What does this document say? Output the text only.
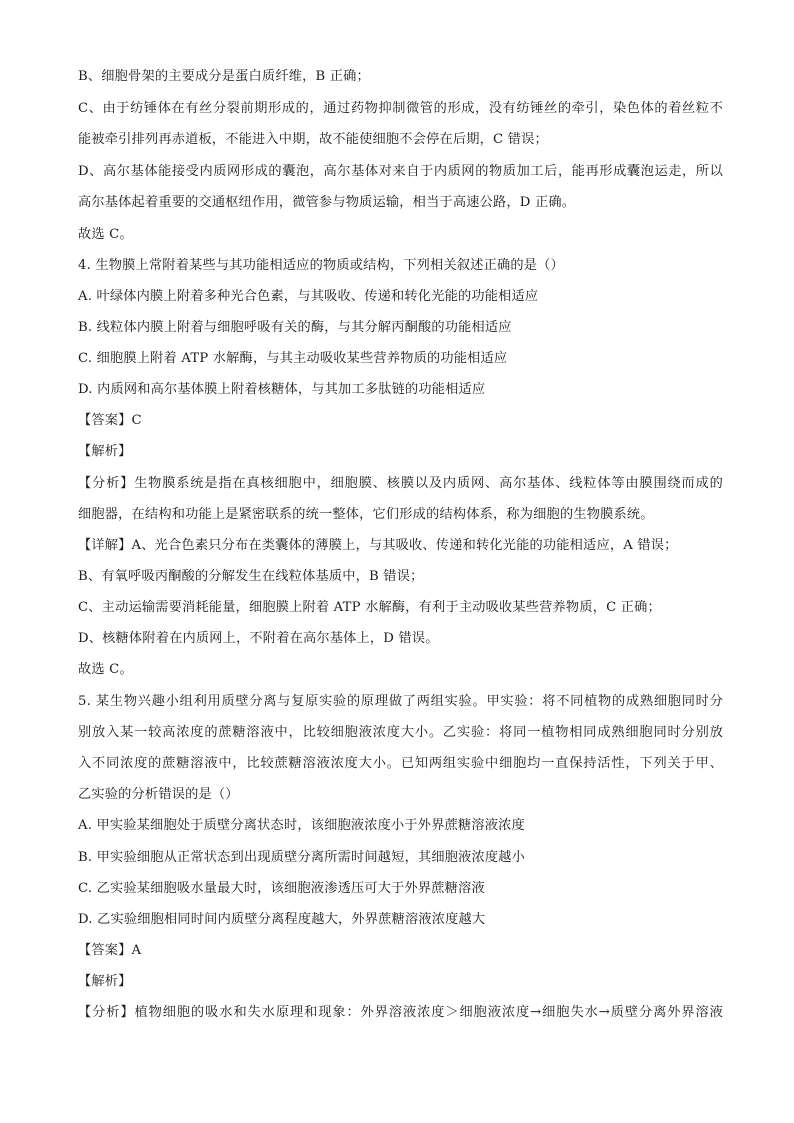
B、细胞骨架的主要成分是蛋白质纤维，B 正确；
C、由于纺锤体在有丝分裂前期形成的，通过药物抑制微管的形成，没有纺锤丝的牵引，染色体的着丝粒不
能被牵引排列再赤道板，不能进入中期，故不能使细胞不会停在后期，C 错误；
D、高尔基体能接受内质网形成的囊泡，高尔基体对来自于内质网的物质加工后，能再形成囊泡运走，所以
高尔基体起着重要的交通枢纽作用，微管参与物质运输，相当于高速公路，D 正确。
故选 C。
4. 生物膜上常附着某些与其功能相适应的物质或结构，下列相关叙述正确的是（）
A. 叶绿体内膜上附着多种光合色素，与其吸收、传递和转化光能的功能相适应
B. 线粒体内膜上附着与细胞呼吸有关的酶，与其分解丙酮酸的功能相适应
C. 细胞膜上附着 ATP 水解酶，与其主动吸收某些营养物质的功能相适应
D. 内质网和高尔基体膜上附着核糖体，与其加工多肽链的功能相适应
【答案】C
【解析】
【分析】生物膜系统是指在真核细胞中，细胞膜、核膜以及内质网、高尔基体、线粒体等由膜围绕而成的
细胞器，在结构和功能上是紧密联系的统一整体，它们形成的结构体系，称为细胞的生物膜系统。
【详解】A、光合色素只分布在类囊体的薄膜上，与其吸收、传递和转化光能的功能相适应，A 错误；
B、有氧呼吸丙酮酸的分解发生在线粒体基质中，B 错误；
C、主动运输需要消耗能量，细胞膜上附着 ATP 水解酶，有利于主动吸收某些营养物质，C 正确；
D、核糖体附着在内质网上，不附着在高尔基体上，D 错误。
故选 C。
5. 某生物兴趣小组利用质壁分离与复原实验的原理做了两组实验。甲实验：将不同植物的成熟细胞同时分
别放入某一较高浓度的蔗糖溶液中，比较细胞液浓度大小。乙实验：将同一植物相同成熟细胞同时分别放
入不同浓度的蔗糖溶液中，比较蔗糖溶液浓度大小。已知两组实验中细胞均一直保持活性，下列关于甲、
乙实验的分析错误的是（）
A. 甲实验某细胞处于质壁分离状态时，该细胞液浓度小于外界蔗糖溶液浓度
B. 甲实验细胞从正常状态到出现质壁分离所需时间越短，其细胞液浓度越小
C. 乙实验某细胞吸水量最大时，该细胞液渗透压可大于外界蔗糖溶液
D. 乙实验细胞相同时间内质壁分离程度越大，外界蔗糖溶液浓度越大
【答案】A
【解析】
【分析】植物细胞的吸水和失水原理和现象：外界溶液浓度＞细胞液浓度→细胞失水→质壁分离外界溶液
